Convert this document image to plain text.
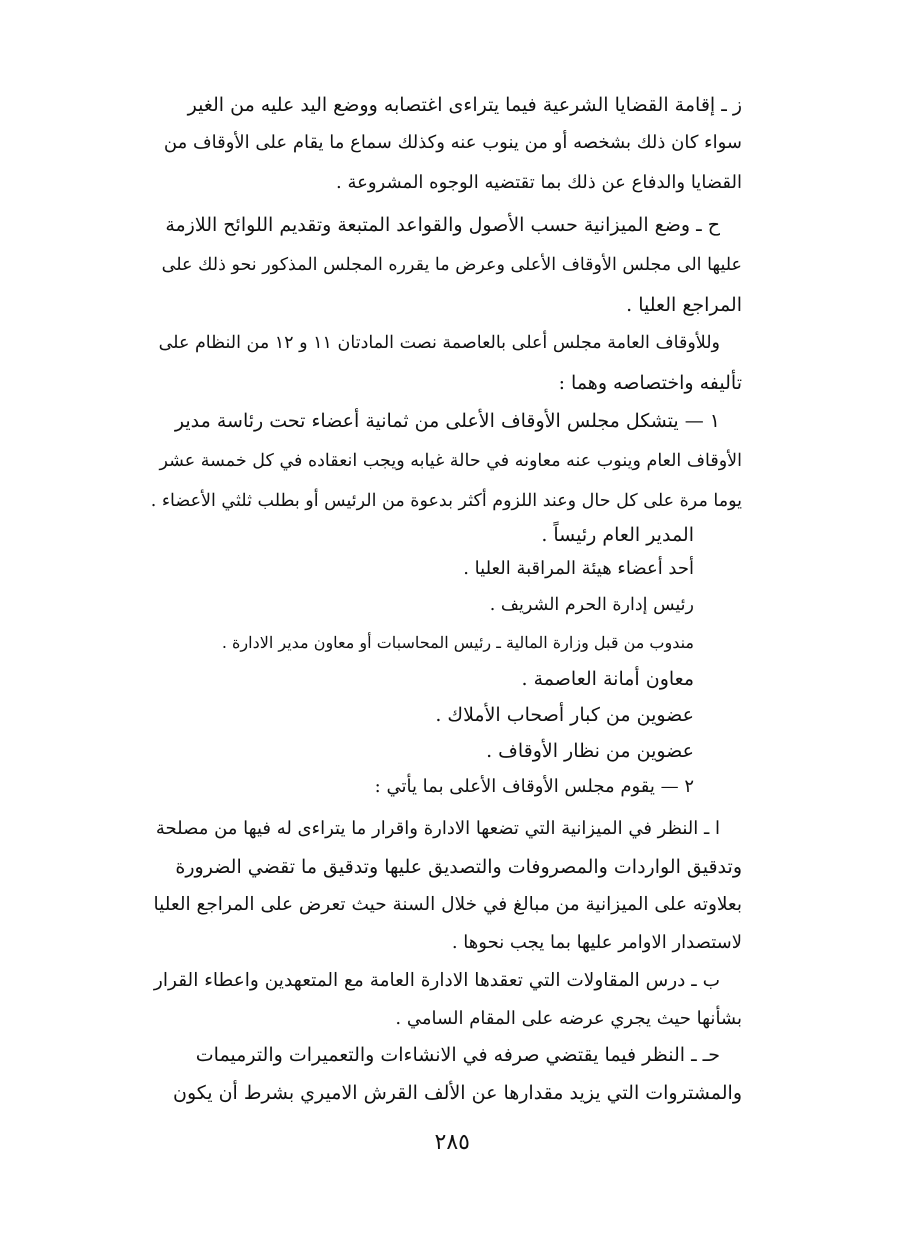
ز ـ إقامة القضايا الشرعية فيما يتراءى اغتصابه ووضع اليد عليه من الغير
سواء كان ذلك بشخصه أو من ينوب عنه وكذلك سماع ما يقام على الأوقاف من
القضايا والدفاع عن ذلك بما تقتضيه الوجوه المشروعة .
ح ـ وضع الميزانية حسب الأصول والقواعد المتبعة وتقديم اللوائح اللازمة
عليها الى مجلس الأوقاف الأعلى وعرض ما يقرره المجلس المذكور نحو ذلك على
المراجع العليا .
وللأوقاف العامة مجلس أعلى بالعاصمة نصت المادتان ١١ و ١٢ من النظام على
تأليفه واختصاصه وهما :
١ — يتشكل مجلس الأوقاف الأعلى من ثمانية أعضاء تحت رئاسة مدير
الأوقاف العام وينوب عنه معاونه في حالة غيابه ويجب انعقاده في كل خمسة عشر
يوما مرة على كل حال وعند اللزوم أكثر بدعوة من الرئيس أو بطلب ثلثي الأعضاء .
المدير العام رئيساً .
أحد أعضاء هيئة المراقبة العليا .
رئيس إدارة الحرم الشريف .
مندوب من قبل وزارة المالية ـ رئيس المحاسبات أو معاون مدير الادارة .
معاون أمانة العاصمة .
عضوين من كبار أصحاب الأملاك .
عضوين من نظار الأوقاف .
٢ — يقوم مجلس الأوقاف الأعلى بما يأتي :
ا ـ النظر في الميزانية التي تضعها الادارة واقرار ما يتراءى له فيها من مصلحة
وتدقيق الواردات والمصروفات والتصديق عليها وتدقيق ما تقضي الضرورة
بعلاوته على الميزانية من مبالغ في خلال السنة حيث تعرض على المراجع العليا
لاستصدار الاوامر عليها بما يجب نحوها .
ب ـ درس المقاولات التي تعقدها الادارة العامة مع المتعهدين واعطاء القرار
بشأنها حيث يجري عرضه على المقام السامي .
حـ ـ النظر فيما يقتضي صرفه في الانشاءات والتعميرات والترميمات
والمشتروات التي يزيد مقدارها عن الألف القرش الاميري بشرط أن يكون
٢٨٥
